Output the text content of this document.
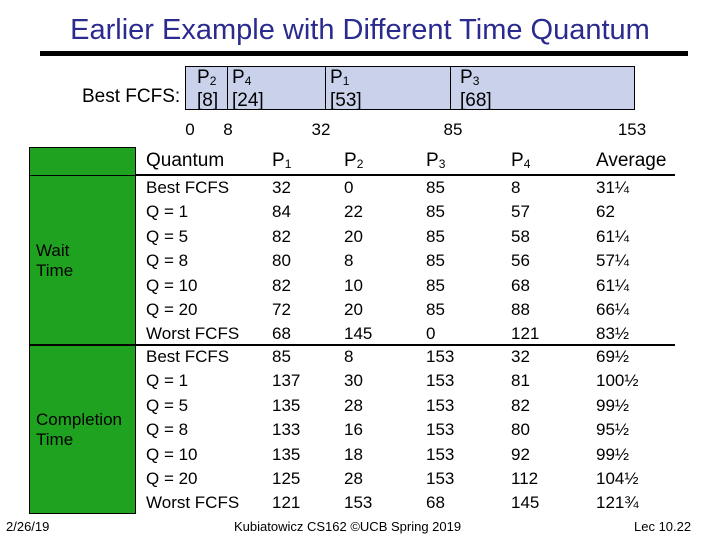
Earlier Example with Different Time Quantum
Best FCFS:
$P_2$
[8]
$P_4$
[24]
$P_1$
[53]
$P_3$
[68]
0 8	32	85	153
Wait
Time
Completion
Time
Quantum	$P_1$	$P_2$	$P_3$	$P_4$	Average
Best FCFS	32	0	85	8	31¼
Q = 1	84	22	85	57	62
Q = 5	82	20	85	58	61¼
Q = 8	80	8	85	56	57¼
Q = 10	82	10	85	68	61¼
Q = 20	72	20	85	88	66¼
Worst FCFS 68	145	0	121	83½
Best FCFS	85	8	153	32	69½
Q = 1	137	30	153	81	100½
Q = 5	135	28	153	82	99½
Q = 8	133	16	153	80	95½
Q = 10	135	18	153	92	99½
Q = 20	125	28	153	112	104½
Worst FCFS 121	153	68	145	121¾
2/26/19	Kubiatowicz CS162 ©UCB Spring 2019	Lec 10.22
